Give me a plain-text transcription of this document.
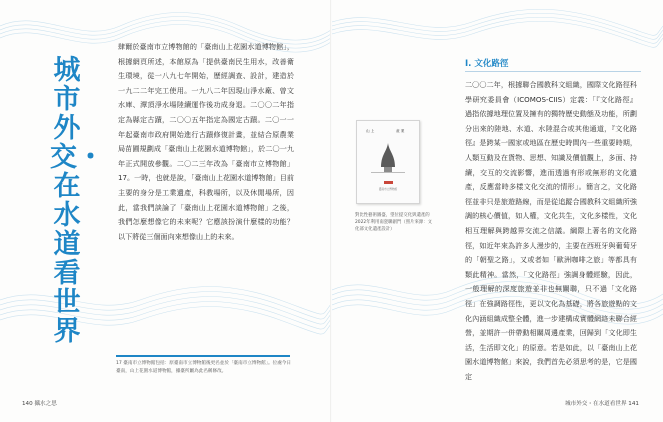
城市外交・在水道看世界
肆爾於臺南市立博物館的「臺南山上花園水道博物館」，根據網頁所述，本館原為「提供臺南民生用水，改善衛生環境，從一八九七年開始，歷經調查、設計，建造於一九二二年完工使用。一九八二年因現山淨水廠、曾文水庫、潭頂淨水場陸續運作後功成身退。二〇〇二年指定為縣定古蹟，二〇〇五年指定為國定古蹟。二〇一一年起臺南市政府開始進行古蹟修復計畫，並結合原農業局苗圃規劃成「臺南山上花園水道博物館」，於二〇一九年正式開放參觀。二〇二三年改為「臺南市立博物館」17。一時，也就是說，「臺南山上花園水道博物館」目前主要的身分是工業遺產，科教場所，以及休閒場所，因此，當我們談論了「臺南山上花園水道博物館」之後，我們怎麼想像它的未來呢？它應該扮演什麼樣的功能？以下將從三個面向來想像山上的未來。
17 臺南市立博物館包括：原臺南市立博物館後更名並於「臺南市立博物館」。位處今日臺南，山上花園水道博物館，據臺所屬為此名稱修改。
140 攝水之思
I. 文化路徑
山 上	產 業
臺南市立博物館
對比性藝術圖盛，望位提交化與遺產的2022年利用南瓷聯創門（照片來源：文化部文化遺產設計）
二〇〇二年，根據聯合國教科文組織，國際文化路徑科學研究委員會（ICOMOS-CIIS）定義：「『文化路徑』過指依據地理位置及擁有的獨特歷史動態及功能，所劃分出來的陸地、水道、水陸混合或其他通道，『文化路徑』是跨某一國家或地區在歷史時間內一些重要時期，人類互動及在貨物、思想、知識及價值觀上，多面、持續，交互的交流影響，進而透過有形或無形的文化遺產，反應當時多樣文化交流的情形」。簡言之，文化路徑並非只是旅遊路線，而是從追蹤合國教科文組織所強調的核心價值，如人權，文化共生，文化多樣性，文化相互理解與跨越界交流之信議。綱際上著名的文化路徑，如近年來為許多人漫步的，主要在西班牙與葡萄牙的「朝聖之路」，又或者如「歐洲咖啡之旅」等都具有類此精神。當然，「文化路徑」強調身體經驗，因此，一般理解的深度旅遊並非也無關聯，只不過「文化路徑」在強調路徑性，更以文化為基礎，將各旅遊點的文化內涵組織成整全體，進一步建構成實體網絡未聯合經營，並期許一併帶動相關周邊產業，回歸到「文化即生活，生活即文化」的原意。若是如此，以「臺南山上花園水道博物館」來說，我們首先必須思考的是，它是國定
城市外交・在水道看世界 141
